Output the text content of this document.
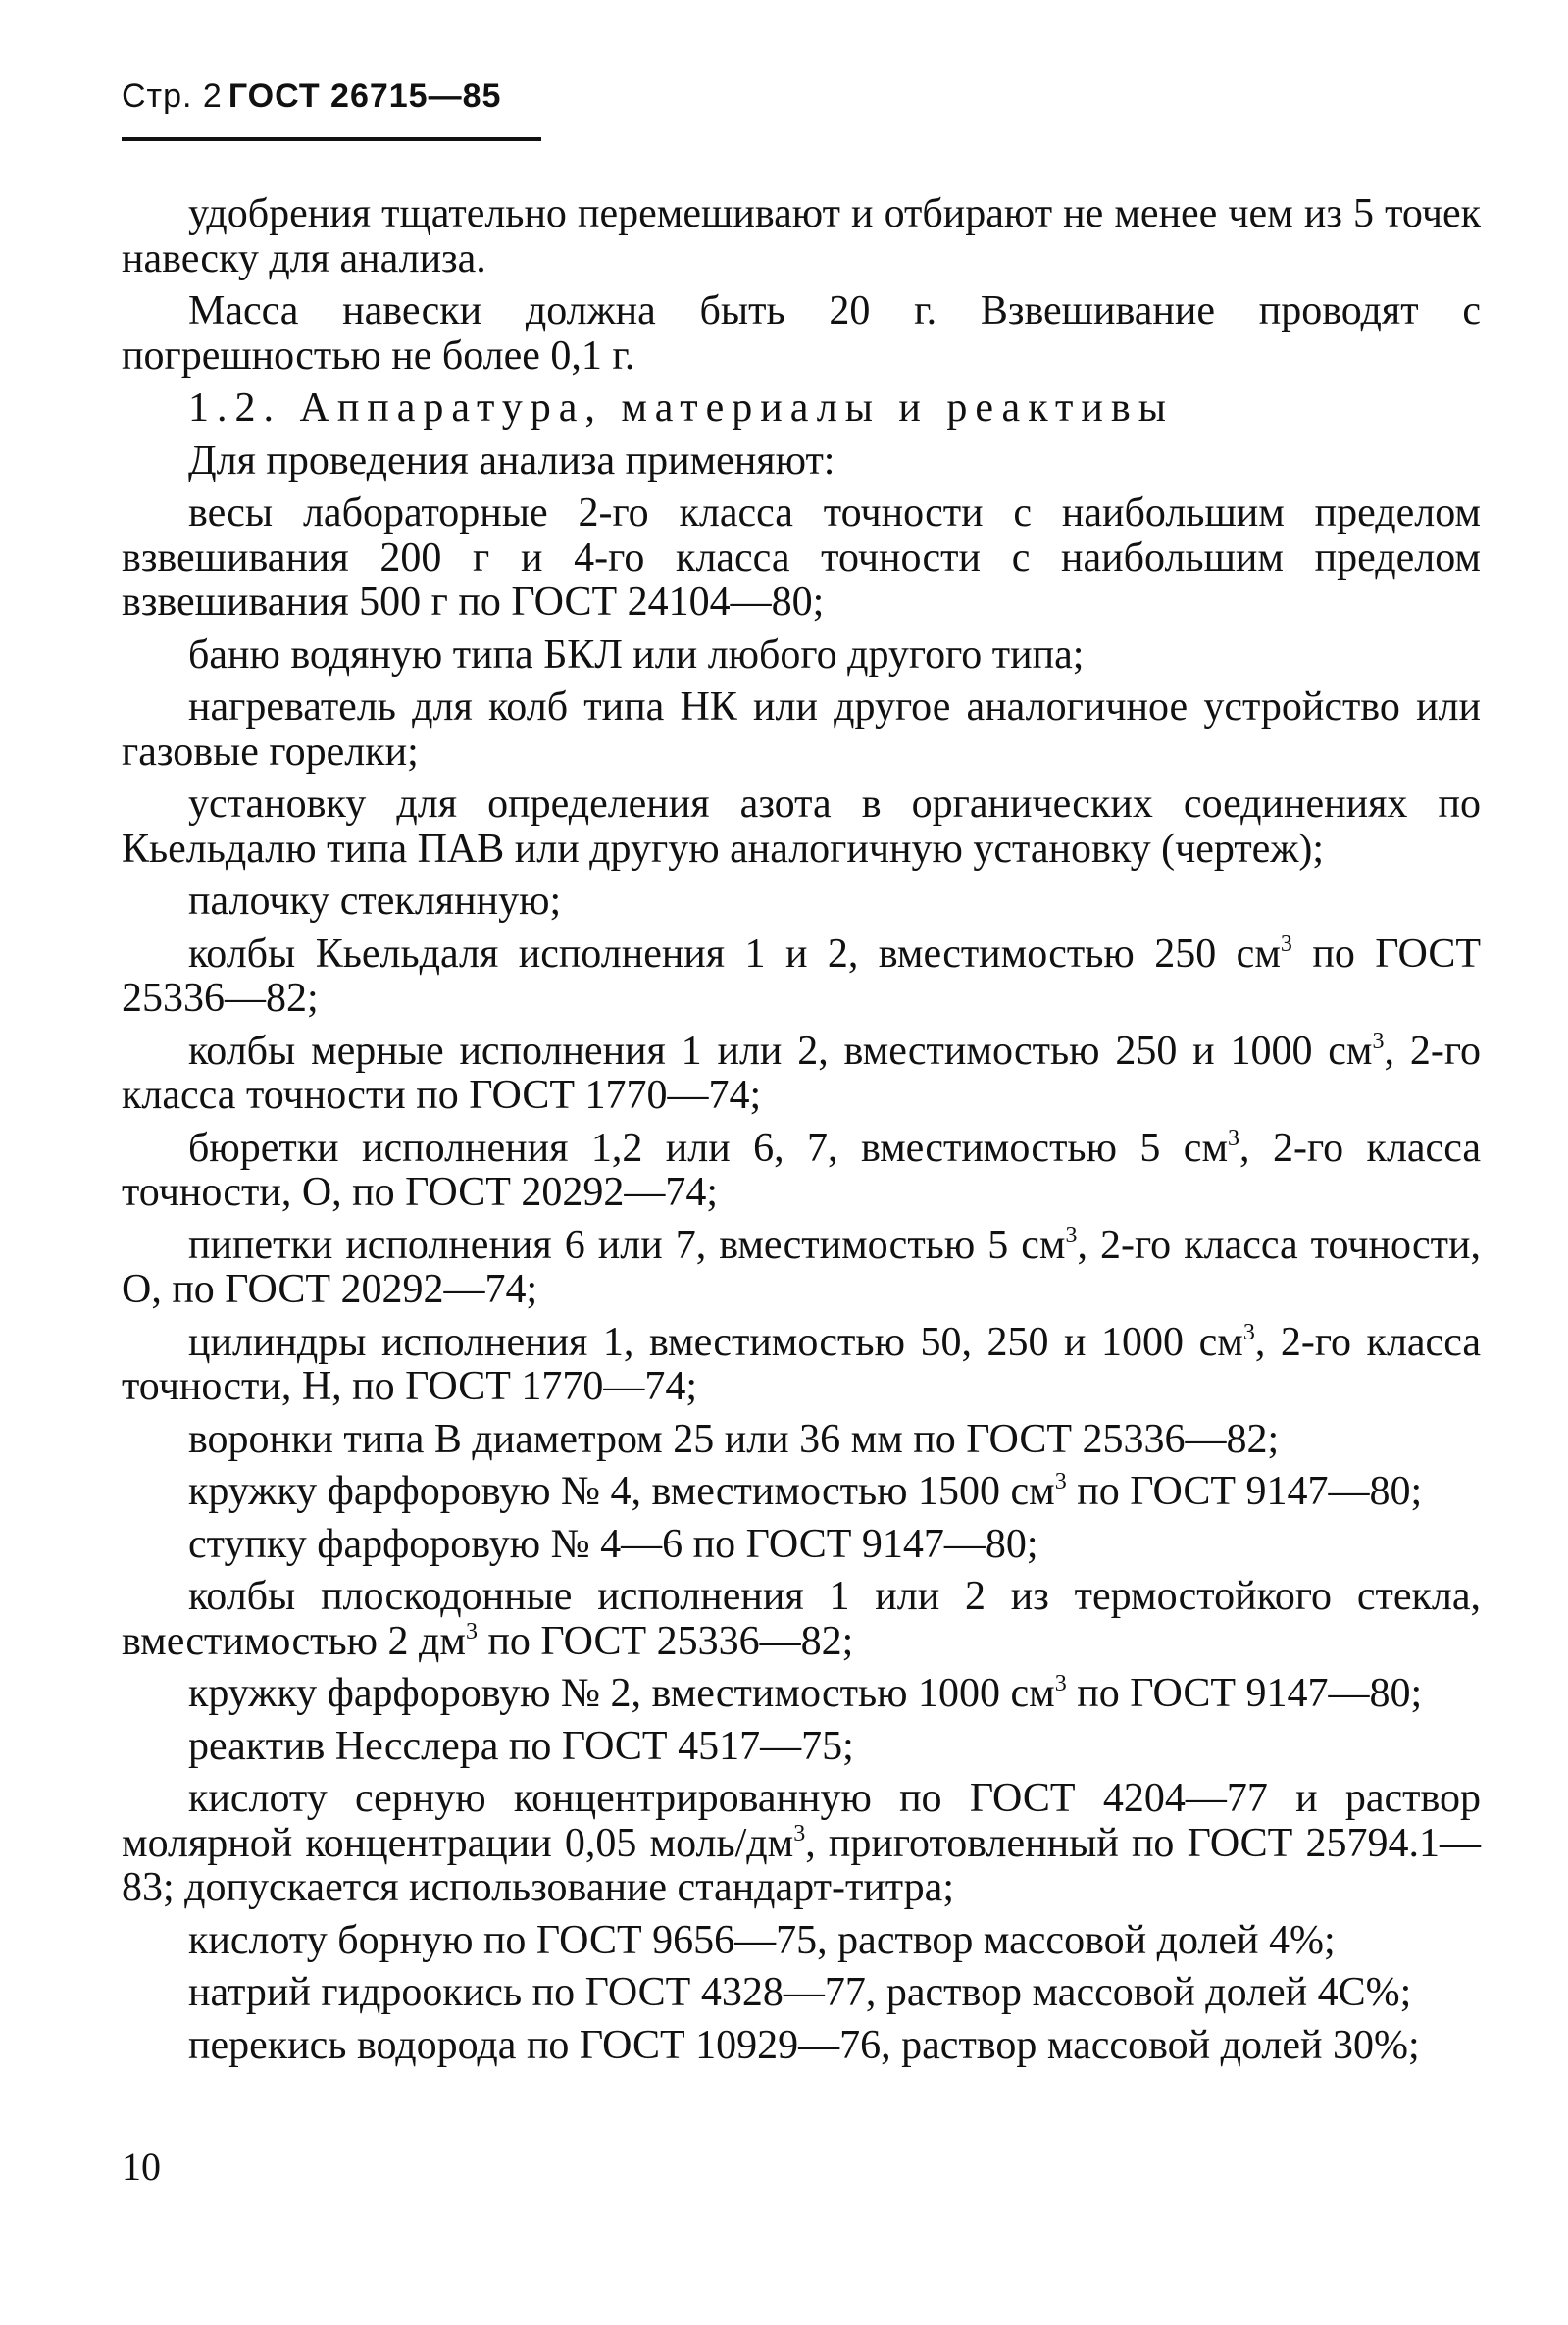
Стр. 2 ГОСТ 26715—85

удобрения тщательно перемешивают и отбирают не менее чем из 5 точек навеску для анализа.

Масса навески должна быть 20 г. Взвешивание проводят с погрешностью не более 0,1 г.

1.2. Аппаратура, материалы и реактивы

Для проведения анализа применяют:

весы лабораторные 2-го класса точности с наибольшим пределом взвешивания 200 г и 4-го класса точности с наибольшим пределом взвешивания 500 г по ГОСТ 24104—80;

баню водяную типа БКЛ или любого другого типа;

нагреватель для колб типа НК или другое аналогичное устройство или газовые горелки;

установку для определения азота в органических соединениях по Кьельдалю типа ПАВ или другую аналогичную установку (чертеж);

палочку стеклянную;

колбы Кьельдаля исполнения 1 и 2, вместимостью 250 $см^3$ по ГОСТ 25336—82;

колбы мерные исполнения 1 или 2, вместимостью 250 и 1000 $см^3$, 2-го класса точности по ГОСТ 1770—74;

бюретки исполнения 1,2 или 6, 7, вместимостью 5 $см^3$, 2-го класса точности, О, по ГОСТ 20292—74;

пипетки исполнения 6 или 7, вместимостью 5 $см^3$, 2-го класса точности, О, по ГОСТ 20292—74;

цилиндры исполнения 1, вместимостью 50, 250 и 1000 $см^3$, 2-го класса точности, Н, по ГОСТ 1770—74;

воронки типа В диаметром 25 или 36 мм по ГОСТ 25336—82;

кружку фарфоровую № 4, вместимостью 1500 $см^3$ по ГОСТ 9147—80;

ступку фарфоровую № 4—6 по ГОСТ 9147—80;

колбы плоскодонные исполнения 1 или 2 из термостойкого стекла, вместимостью 2 $дм^3$ по ГОСТ 25336—82;

кружку фарфоровую № 2, вместимостью 1000 $см^3$ по ГОСТ 9147—80;

реактив Несслера по ГОСТ 4517—75;

кислоту серную концентрированную по ГОСТ 4204—77 и раствор молярной концентрации 0,05 моль/$дм^3$, приготовленный по ГОСТ 25794.1—83; допускается использование стандарт-титра;

кислоту борную по ГОСТ 9656—75, раствор массовой долей 4%;

натрий гидроокись по ГОСТ 4328—77, раствор массовой долей 4С%;

перекись водорода по ГОСТ 10929—76, раствор массовой долей 30%;

10
